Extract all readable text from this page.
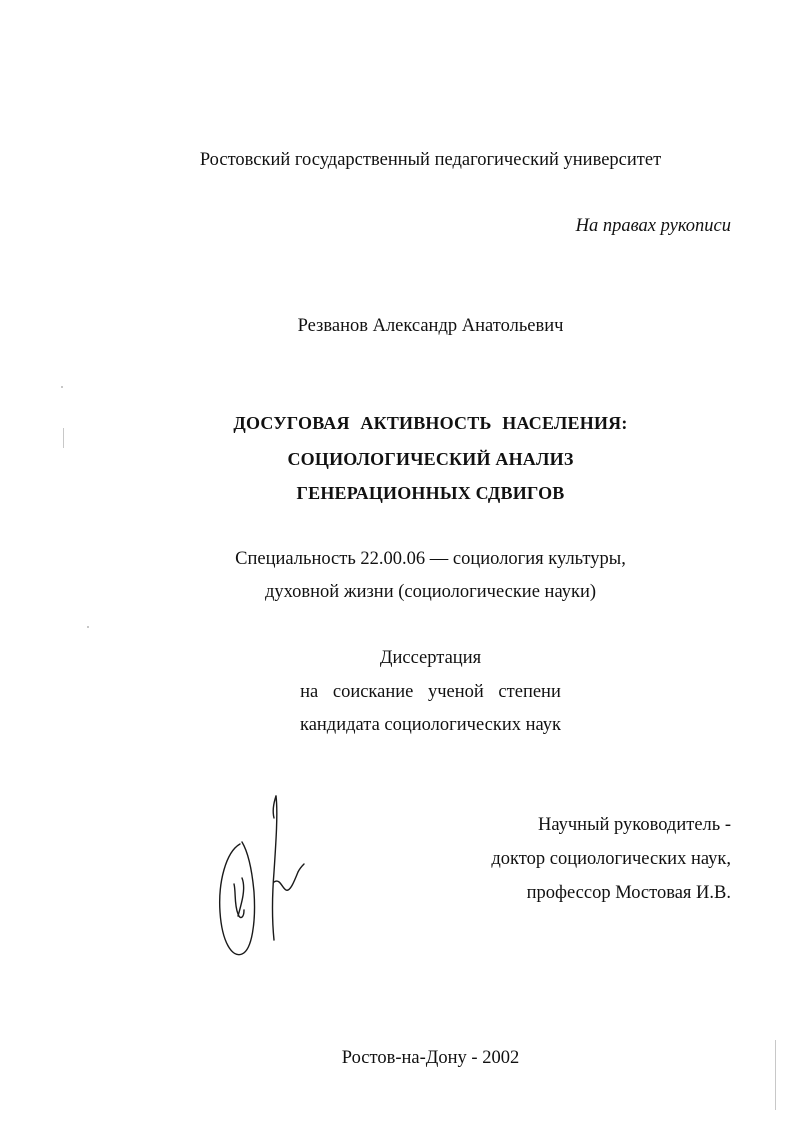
Ростовский государственный педагогический университет
На правах рукописи
Резванов Александр Анатольевич
ДОСУГОВАЯ АКТИВНОСТЬ НАСЕЛЕНИЯ:
СОЦИОЛОГИЧЕСКИЙ АНАЛИЗ
ГЕНЕРАЦИОННЫХ СДВИГОВ
Специальность 22.00.06 — социология культуры,
духовной жизни (социологические науки)
Диссертация
на соискание ученой степени
кандидата социологических наук
Научный руководитель -
доктор социологических наук,
профессор Мостовая И.В.
Ростов-на-Дону - 2002
